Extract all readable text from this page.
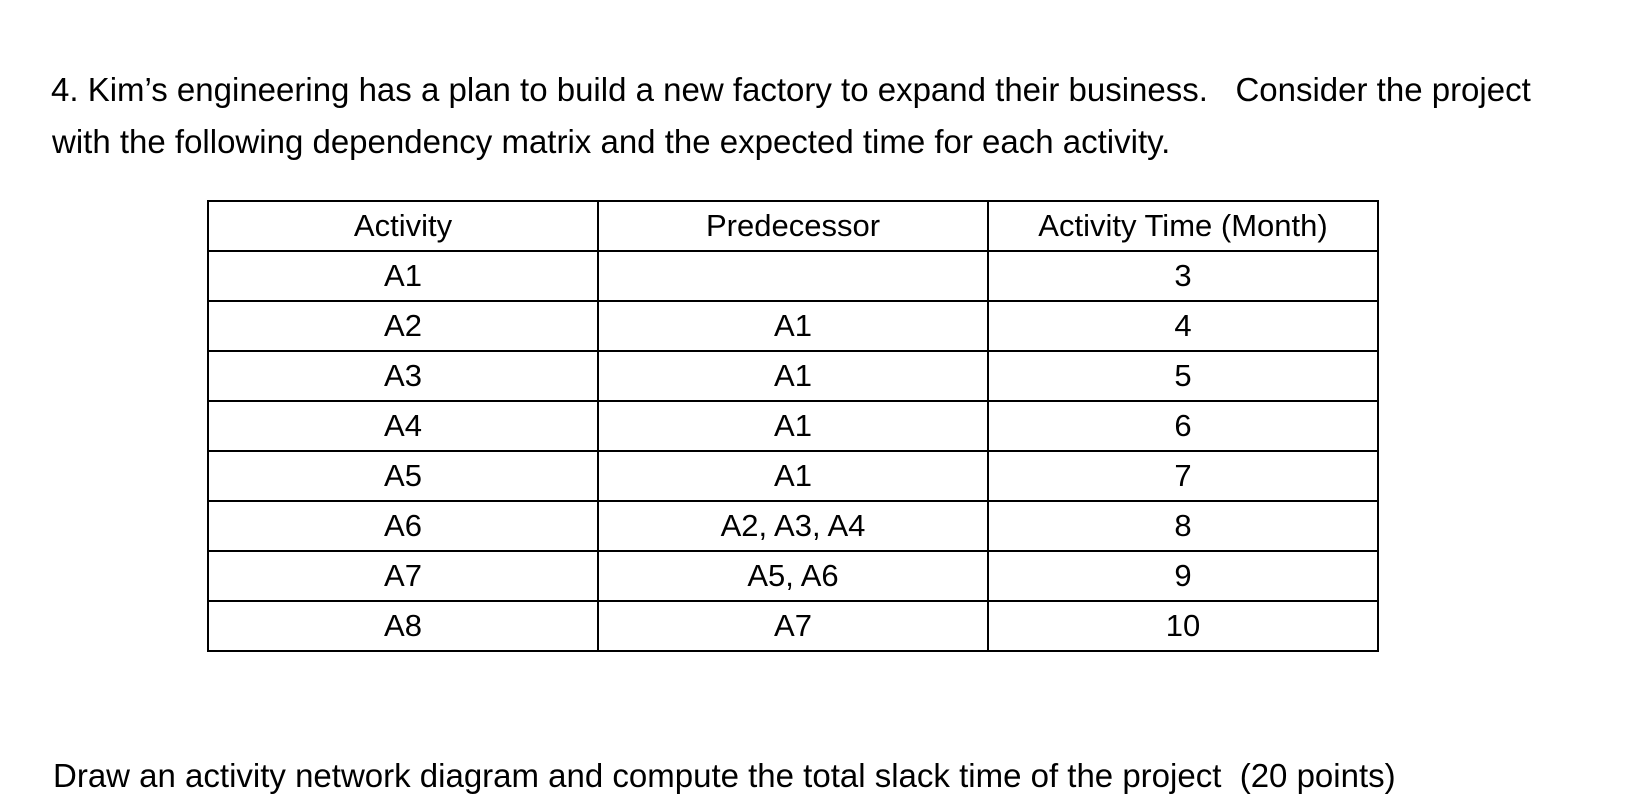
4. Kim’s engineering has a plan to build a new factory to expand their business.   Consider the project
with the following dependency matrix and the expected time for each activity.

Activity	Predecessor	Activity Time (Month)
A1		3
A2	A1	4
A3	A1	5
A4	A1	6
A5	A1	7
A6	A2, A3, A4	8
A7	A5, A6	9
A8	A7	10

Draw an activity network diagram and compute the total slack time of the project  (20 points)
